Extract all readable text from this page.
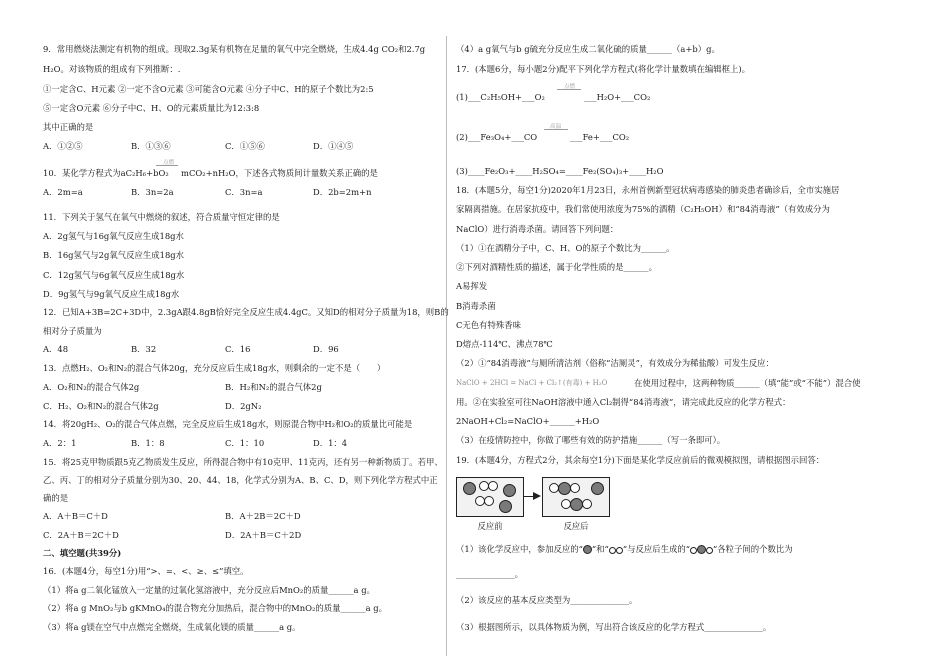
9．常用燃烧法测定有机物的组成。现取2.3g某有机物在足量的氧气中完全燃烧，生成4.4g CO₂和2.7g
H₂O。对该物质的组成有下列推断：.
①一定含C、H元素 ②一定不含O元素 ③可能含O元素 ④分子中C、H的原子个数比为2:5
⑤一定含O元素 ⑥分子中C、H、O的元素质量比为12:3:8
其中正确的是
A．①②⑤	B．①③⑥	C．①⑤⑥	D．①④⑤
点燃
10．某化学方程式为aC₂H₆+bO₂ mCO₂+nH₂O，下述各式物质间计量数关系正确的是
A．2m=a	B．3n=2a	C．3n=a	D．2b=2m+n
11．下列关于氢气在氧气中燃烧的叙述，符合质量守恒定律的是
A．2g氢气与16g氧气反应生成18g水
B．16g氢气与2g氧气反应生成18g水
C．12g氢气与6g氧气反应生成18g水
D．9g氢气与9g氧气反应生成18g水
12．已知A+3B=2C+3D中，2.3gA跟4.8gB恰好完全反应生成4.4gC。又知D的相对分子质量为18，则B的
相对分子质量为
A．48	B．32	C．16	D．96
13．点燃H₂、O₂和N₂的混合气体20g，充分反应后生成18g水，则剩余的一定不是（　　）
A．O₂和N₂的混合气体2g	B．H₂和N₂的混合气体2g
C．H₂、O₂和N₂的混合气体2g	D．2gN₂
14．将20gH₂、O₂的混合气体点燃，完全反应后生成18g水，则原混合物中H₂和O₂的质量比可能是
A．2：1	B．1：8	C．1：10	D．1：4
15．将25克甲物质跟5克乙物质发生反应，所得混合物中有10克甲、11克丙，还有另一种新物质丁。若甲、
乙、丙、丁的相对分子质量分别为30、20、44、18，化学式分别为A、B、C、D，则下列化学方程式中正
确的是
A．A＋B＝C＋D	B．A＋2B＝2C＋D
C．2A＋B＝2C＋D	D．2A＋B＝C＋2D
二、填空题(共39分)
16．(本题4分，每空1分)用“>、=、<、≥、≤”填空。
（1）将a g二氧化锰放入一定量的过氧化氢溶液中，充分反应后MnO₂的质量______a g。
（2）将a g MnO₂与b gKMnO₄的混合物充分加热后，混合物中的MnO₂的质量______a g。
（3）将a g镁在空气中点燃完全燃烧，生成氧化镁的质量______a g。
（4）a g氧气与b g硫充分反应生成二氧化硫的质量______（a+b）g。
17．(本题6分，每小题2分)配平下列化学方程式(将化学计量数填在编辑框上)。
点燃
(1)___C₂H₅OH+___O₂	___H₂O+___CO₂
高温
(2)___Fe₃O₄+___CO	___Fe+___CO₂
(3)____Fe₂O₃+____H₂SO₄=____Fe₂(SO₄)₃+____H₂O
18．(本题5分，每空1分)2020年1月23日，永州首例新型冠状病毒感染的肺炎患者确诊后，全市实施居
家隔离措施。在居家抗疫中，我们常使用浓度为75%的酒精（C₂H₅OH）和“84消毒液”（有效成分为
NaClO）进行消毒杀菌。请回答下列问题：
（1）①在酒精分子中，C、H、O的原子个数比为______。
②下列对酒精性质的描述，属于化学性质的是______。
A易挥发
B消毒杀菌
C无色有特殊香味
D熔点-114℃、沸点78℃
（2）①“84消毒液”与厕所清洁剂（俗称“洁厕灵”，有效成分为稀盐酸）可发生反应：
NaClO + 2HCl = NaCl + Cl₂↑(有毒) + H₂O	在使用过程中，这两种物质______（填“能”或“不能”）混合使
用。②在实验室可往NaOH溶液中通入Cl₂制得“84消毒液”，请完成此反应的化学方程式：
2NaOH+Cl₂=NaClO+______+H₂O
（3）在疫情防控中，你做了哪些有效的防护措施______（写一条即可）。
19．(本题4分，方程式2分，其余每空1分)下面是某化学反应前后的微观模拟图，请根据图示回答：
反应前	反应后
（1）该化学反应中，参加反应的“ ”和“ ”与反应后生成的“	”各粒子间的个数比为
______________。
（2）该反应的基本反应类型为______________。
（3）根据图所示，以具体物质为例，写出符合该反应的化学方程式______________。
